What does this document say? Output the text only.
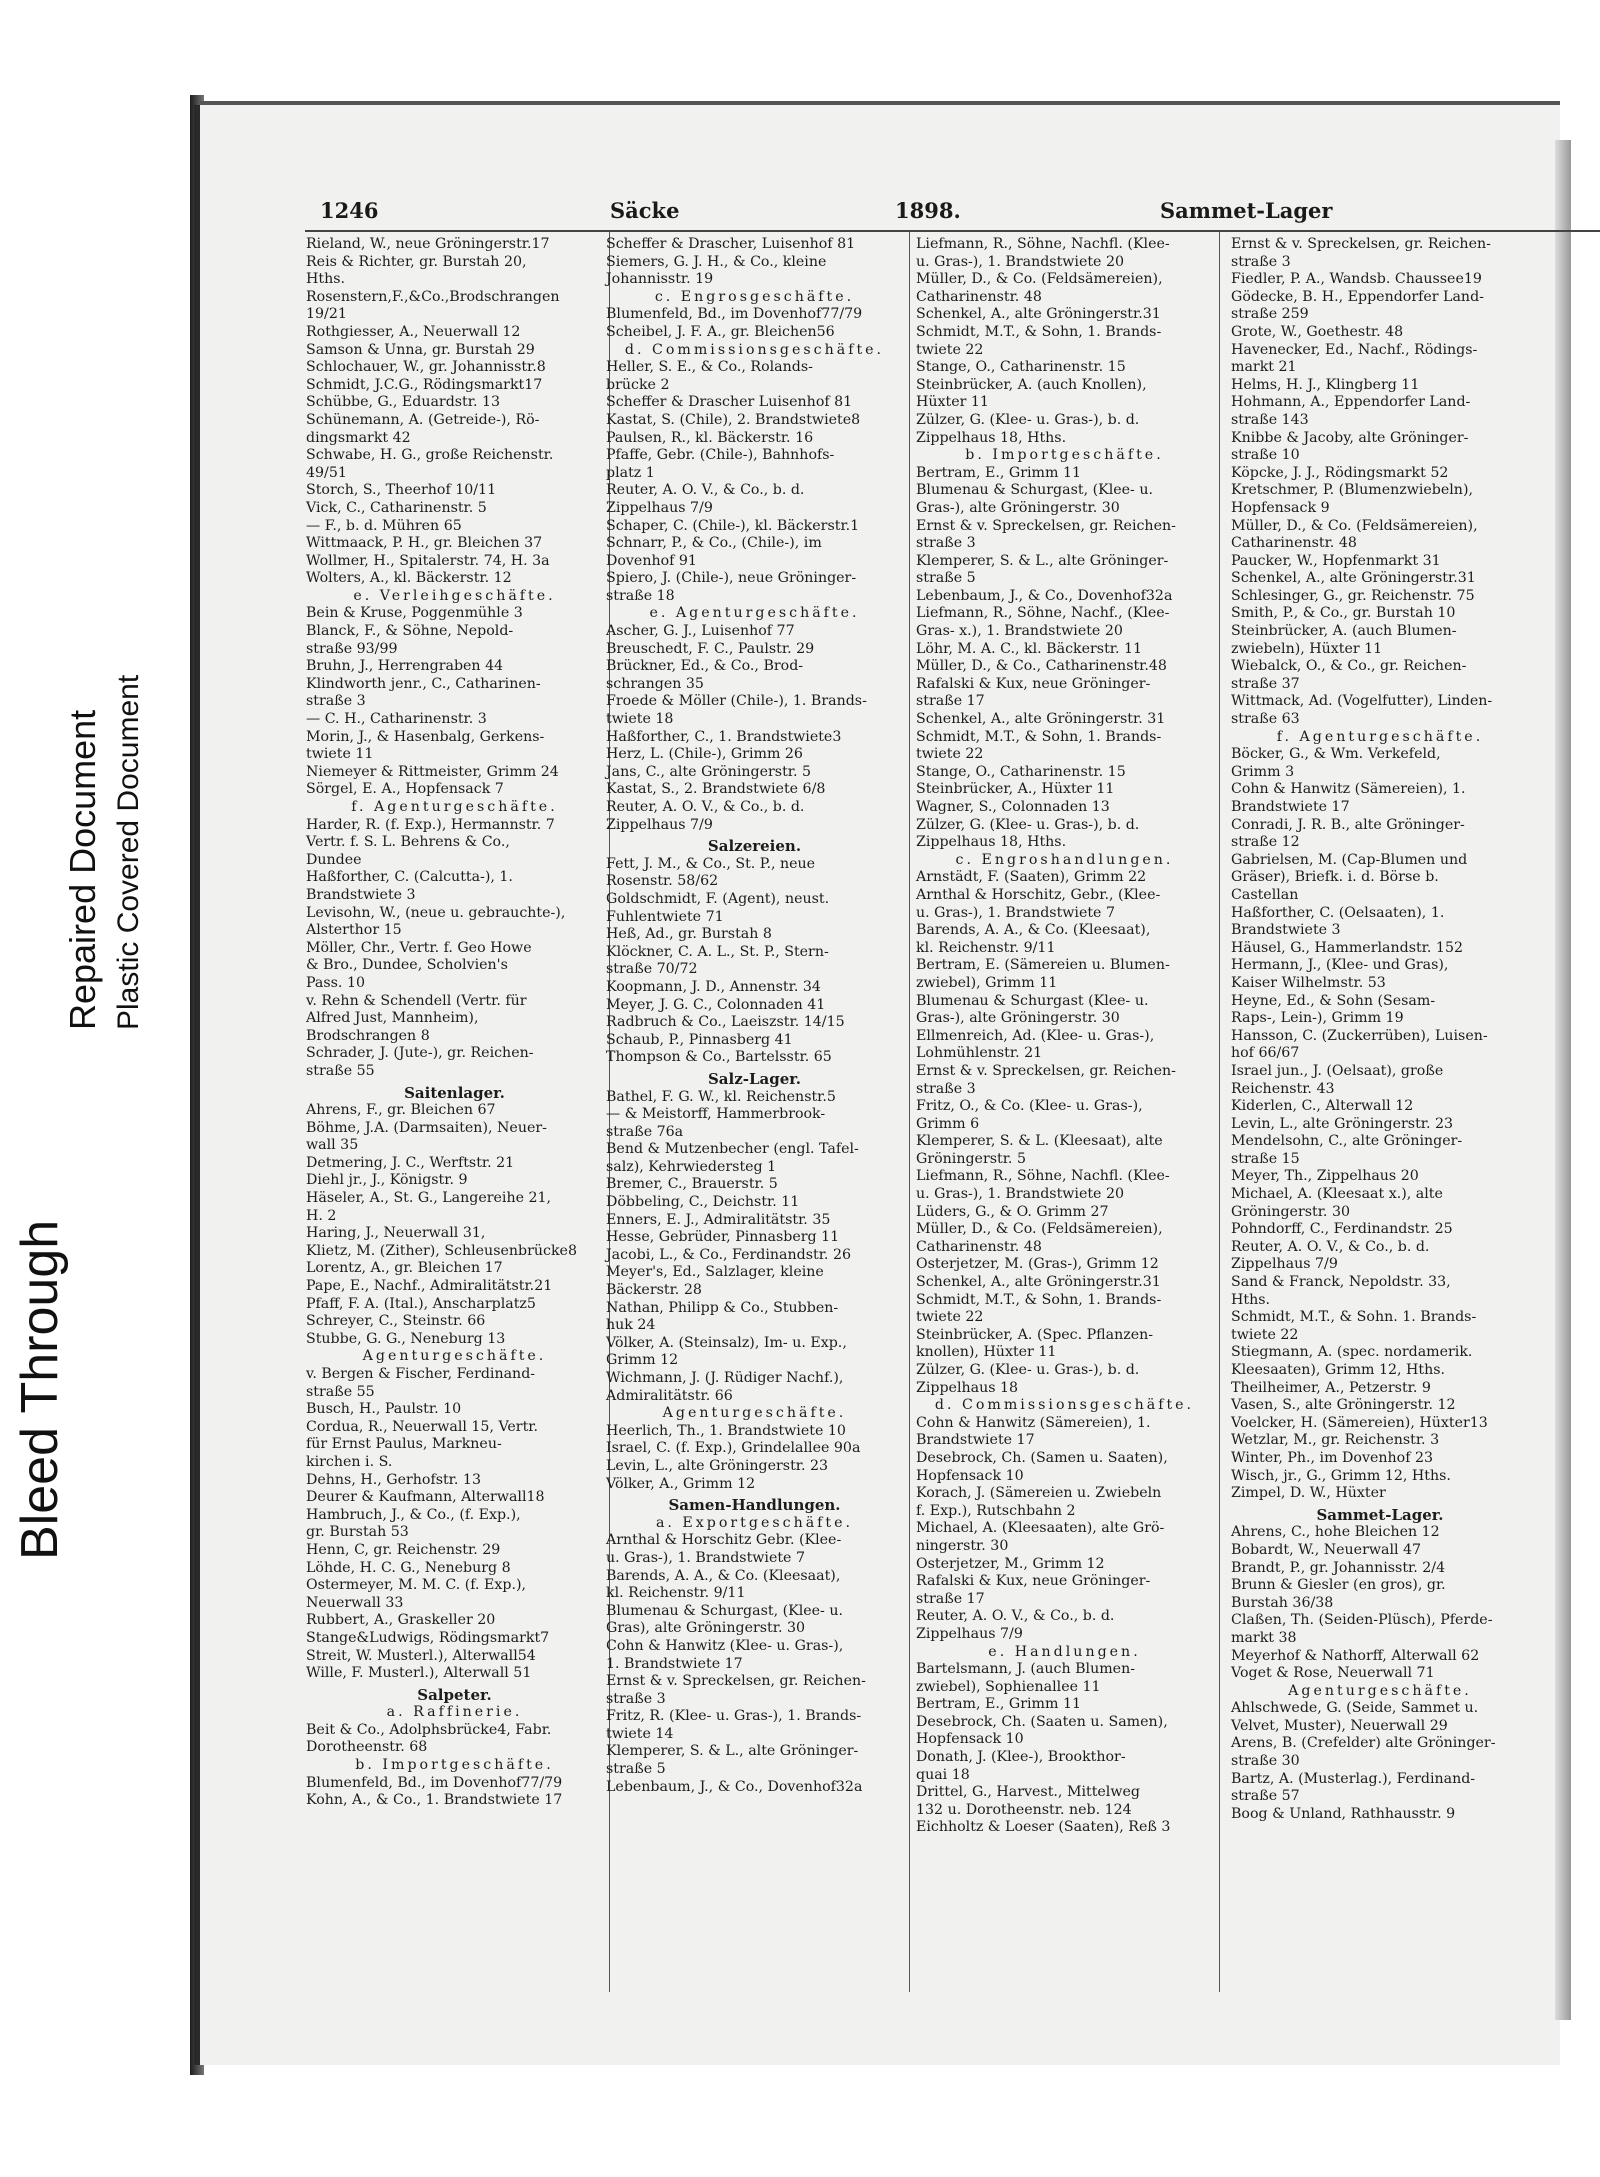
Bleed Through
Repaired Document Plastic Covered Document
1246	Säcke	1898.	Sammet-Lager

Rieland, W., neue Gröningerstr.17

Reis & Richter, gr. Burstah 20,

Hths.

Rosenstern,F.,&Co.,Brodschrangen

19/21

Rothgiesser, A., Neuerwall 12

Samson & Unna, gr. Burstah 29

Schlochauer, W., gr. Johannisstr.8

Schmidt, J.C.G., Rödingsmarkt17

Schübbe, G., Eduardstr. 13

Schünemann, A. (Getreide-), Rö-

dingsmarkt 42

Schwabe, H. G., große Reichenstr.

49/51

Storch, S., Theerhof 10/11

Vick, C., Catharinenstr. 5

— F., b. d. Mühren 65

Wittmaack, P. H., gr. Bleichen 37

Wollmer, H., Spitalerstr. 74, H. 3a

Wolters, A., kl. Bäckerstr. 12

e. Verleihgeschäfte.

Bein & Kruse, Poggenmühle 3

Blanck, F., & Söhne, Nepold-

straße 93/99

Bruhn, J., Herrengraben 44

Klindworth jenr., C., Catharinen-

straße 3

— C. H., Catharinenstr. 3

Morin, J., & Hasenbalg, Gerkens-

twiete 11

Niemeyer & Rittmeister, Grimm 24

Sörgel, E. A., Hopfensack 7

f. Agenturgeschäfte.

Harder, R. (f. Exp.), Hermannstr. 7

Vertr. f. S. L. Behrens & Co.,

Dundee

Haßforther, C. (Calcutta-), 1.

Brandstwiete 3

Levisohn, W., (neue u. gebrauchte-),

Alsterthor 15

Möller, Chr., Vertr. f. Geo Howe

& Bro., Dundee, Scholvien's

Pass. 10

v. Rehn & Schendell (Vertr. für

Alfred Just, Mannheim),

Brodschrangen 8

Schrader, J. (Jute-), gr. Reichen-

straße 55

Saitenlager.

Ahrens, F., gr. Bleichen 67

Böhme, J.A. (Darmsaiten), Neuer-

wall 35

Detmering, J. C., Werftstr. 21

Diehl jr., J., Königstr. 9

Häseler, A., St. G., Langereihe 21,

H. 2

Haring, J., Neuerwall 31,

Klietz, M. (Zither), Schleusenbrücke8

Lorentz, A., gr. Bleichen 17

Pape, E., Nachf., Admiralitätstr.21

Pfaff, F. A. (Ital.), Anscharplatz5

Schreyer, C., Steinstr. 66

Stubbe, G. G., Neneburg 13

Agenturgeschäfte.

v. Bergen & Fischer, Ferdinand-

straße 55

Busch, H., Paulstr. 10

Cordua, R., Neuerwall 15, Vertr.

für Ernst Paulus, Markneu-

kirchen i. S.

Dehns, H., Gerhofstr. 13

Deurer & Kaufmann, Alterwall18

Hambruch, J., & Co., (f. Exp.),

gr. Burstah 53

Henn, C, gr. Reichenstr. 29

Löhde, H. C. G., Neneburg 8

Ostermeyer, M. M. C. (f. Exp.),

Neuerwall 33

Rubbert, A., Graskeller 20

Stange&Ludwigs, Rödingsmarkt7

Streit, W. Musterl.), Alterwall54

Wille, F. Musterl.), Alterwall 51

Salpeter.

a. Raffinerie.

Beit & Co., Adolphsbrücke4, Fabr.

Dorotheenstr. 68

b. Importgeschäfte.

Blumenfeld, Bd., im Dovenhof77/79

Kohn, A., & Co., 1. Brandstwiete 17

Scheffer & Drascher, Luisenhof 81

Siemers, G. J. H., & Co., kleine

Johannisstr. 19

c. Engrosgeschäfte.

Blumenfeld, Bd., im Dovenhof77/79

Scheibel, J. F. A., gr. Bleichen56

d. Commissionsgeschäfte.

Heller, S. E., & Co., Rolands-

brücke 2

Scheffer & Drascher Luisenhof 81

Kastat, S. (Chile), 2. Brandstwiete8

Paulsen, R., kl. Bäckerstr. 16

Pfaffe, Gebr. (Chile-), Bahnhofs-

platz 1

Reuter, A. O. V., & Co., b. d.

Zippelhaus 7/9

Schaper, C. (Chile-), kl. Bäckerstr.1

Schnarr, P., & Co., (Chile-), im

Dovenhof 91

Spiero, J. (Chile-), neue Gröninger-

straße 18

e. Agenturgeschäfte.

Ascher, G. J., Luisenhof 77

Breuschedt, F. C., Paulstr. 29

Brückner, Ed., & Co., Brod-

schrangen 35

Froede & Möller (Chile-), 1. Brands-

twiete 18

Haßforther, C., 1. Brandstwiete3

Herz, L. (Chile-), Grimm 26

Jans, C., alte Gröningerstr. 5

Kastat, S., 2. Brandstwiete 6/8

Reuter, A. O. V., & Co., b. d.

Zippelhaus 7/9

Salzereien.

Fett, J. M., & Co., St. P., neue

Rosenstr. 58/62

Goldschmidt, F. (Agent), neust.

Fuhlentwiete 71

Heß, Ad., gr. Burstah 8

Klöckner, C. A. L., St. P., Stern-

straße 70/72

Koopmann, J. D., Annenstr. 34

Meyer, J. G. C., Colonnaden 41

Radbruch & Co., Laeiszstr. 14/15

Schaub, P., Pinnasberg 41

Thompson & Co., Bartelsstr. 65

Salz-Lager.

Bathel, F. G. W., kl. Reichenstr.5

— & Meistorff, Hammerbrook-

straße 76a

Bend & Mutzenbecher (engl. Tafel-

salz), Kehrwiedersteg 1

Bremer, C., Brauerstr. 5

Döbbeling, C., Deichstr. 11

Enners, E. J., Admiralitätstr. 35

Hesse, Gebrüder, Pinnasberg 11

Jacobi, L., & Co., Ferdinandstr. 26

Meyer's, Ed., Salzlager, kleine

Bäckerstr. 28

Nathan, Philipp & Co., Stubben-

huk 24

Völker, A. (Steinsalz), Im- u. Exp.,

Grimm 12

Wichmann, J. (J. Rüdiger Nachf.),

Admiralitätstr. 66

Agenturgeschäfte.

Heerlich, Th., 1. Brandstwiete 10

Israel, C. (f. Exp.), Grindelallee 90a

Levin, L., alte Gröningerstr. 23

Völker, A., Grimm 12

Samen-Handlungen.

a. Exportgeschäfte.

Arnthal & Horschitz Gebr. (Klee-

u. Gras-), 1. Brandstwiete 7

Barends, A. A., & Co. (Kleesaat),

kl. Reichenstr. 9/11

Blumenau & Schurgast, (Klee- u.

Gras), alte Gröningerstr. 30

Cohn & Hanwitz (Klee- u. Gras-),

1. Brandstwiete 17

Ernst & v. Spreckelsen, gr. Reichen-

straße 3

Fritz, R. (Klee- u. Gras-), 1. Brands-

twiete 14

Klemperer, S. & L., alte Gröninger-

straße 5

Lebenbaum, J., & Co., Dovenhof32a

Liefmann, R., Söhne, Nachfl. (Klee-

u. Gras-), 1. Brandstwiete 20

Müller, D., & Co. (Feldsämereien),

Catharinenstr. 48

Schenkel, A., alte Gröningerstr.31

Schmidt, M.T., & Sohn, 1. Brands-

twiete 22

Stange, O., Catharinenstr. 15

Steinbrücker, A. (auch Knollen),

Hüxter 11

Zülzer, G. (Klee- u. Gras-), b. d.

Zippelhaus 18, Hths.

b. Importgeschäfte.

Bertram, E., Grimm 11

Blumenau & Schurgast, (Klee- u.

Gras-), alte Gröningerstr. 30

Ernst & v. Spreckelsen, gr. Reichen-

straße 3

Klemperer, S. & L., alte Gröninger-

straße 5

Lebenbaum, J., & Co., Dovenhof32a

Liefmann, R., Söhne, Nachf., (Klee-

Gras- x.), 1. Brandstwiete 20

Löhr, M. A. C., kl. Bäckerstr. 11

Müller, D., & Co., Catharinenstr.48

Rafalski & Kux, neue Gröninger-

straße 17

Schenkel, A., alte Gröningerstr. 31

Schmidt, M.T., & Sohn, 1. Brands-

twiete 22

Stange, O., Catharinenstr. 15

Steinbrücker, A., Hüxter 11

Wagner, S., Colonnaden 13

Zülzer, G. (Klee- u. Gras-), b. d.

Zippelhaus 18, Hths.

c. Engroshandlungen.

Arnstädt, F. (Saaten), Grimm 22

Arnthal & Horschitz, Gebr., (Klee-

u. Gras-), 1. Brandstwiete 7

Barends, A. A., & Co. (Kleesaat),

kl. Reichenstr. 9/11

Bertram, E. (Sämereien u. Blumen-

zwiebel), Grimm 11

Blumenau & Schurgast (Klee- u.

Gras-), alte Gröningerstr. 30

Ellmenreich, Ad. (Klee- u. Gras-),

Lohmühlenstr. 21

Ernst & v. Spreckelsen, gr. Reichen-

straße 3

Fritz, O., & Co. (Klee- u. Gras-),

Grimm 6

Klemperer, S. & L. (Kleesaat), alte

Gröningerstr. 5

Liefmann, R., Söhne, Nachfl. (Klee-

u. Gras-), 1. Brandstwiete 20

Lüders, G., & O. Grimm 27

Müller, D., & Co. (Feldsämereien),

Catharinenstr. 48

Osterjetzer, M. (Gras-), Grimm 12

Schenkel, A., alte Gröningerstr.31

Schmidt, M.T., & Sohn, 1. Brands-

twiete 22

Steinbrücker, A. (Spec. Pflanzen-

knollen), Hüxter 11

Zülzer, G. (Klee- u. Gras-), b. d.

Zippelhaus 18

d. Commissionsgeschäfte.

Cohn & Hanwitz (Sämereien), 1.

Brandstwiete 17

Desebrock, Ch. (Samen u. Saaten),

Hopfensack 10

Korach, J. (Sämereien u. Zwiebeln

f. Exp.), Rutschbahn 2

Michael, A. (Kleesaaten), alte Grö-

ningerstr. 30

Osterjetzer, M., Grimm 12

Rafalski & Kux, neue Gröninger-

straße 17

Reuter, A. O. V., & Co., b. d.

Zippelhaus 7/9

e. Handlungen.

Bartelsmann, J. (auch Blumen-

zwiebel), Sophienallee 11

Bertram, E., Grimm 11

Desebrock, Ch. (Saaten u. Samen),

Hopfensack 10

Donath, J. (Klee-), Brookthor-

quai 18

Drittel, G., Harvest., Mittelweg

132 u. Dorotheenstr. neb. 124

Eichholtz & Loeser (Saaten), Reß 3

Ernst & v. Spreckelsen, gr. Reichen-

straße 3

Fiedler, P. A., Wandsb. Chaussee19

Gödecke, B. H., Eppendorfer Land-

straße 259

Grote, W., Goethestr. 48

Havenecker, Ed., Nachf., Rödings-

markt 21

Helms, H. J., Klingberg 11

Hohmann, A., Eppendorfer Land-

straße 143

Knibbe & Jacoby, alte Gröninger-

straße 10

Köpcke, J. J., Rödingsmarkt 52

Kretschmer, P. (Blumenzwiebeln),

Hopfensack 9

Müller, D., & Co. (Feldsämereien),

Catharinenstr. 48

Paucker, W., Hopfenmarkt 31

Schenkel, A., alte Gröningerstr.31

Schlesinger, G., gr. Reichenstr. 75

Smith, P., & Co., gr. Burstah 10

Steinbrücker, A. (auch Blumen-

zwiebeln), Hüxter 11

Wiebalck, O., & Co., gr. Reichen-

straße 37

Wittmack, Ad. (Vogelfutter), Linden-

straße 63

f. Agenturgeschäfte.

Böcker, G., & Wm. Verkefeld,

Grimm 3

Cohn & Hanwitz (Sämereien), 1.

Brandstwiete 17

Conradi, J. R. B., alte Gröninger-

straße 12

Gabrielsen, M. (Cap-Blumen und

Gräser), Briefk. i. d. Börse b.

Castellan

Haßforther, C. (Oelsaaten), 1.

Brandstwiete 3

Häusel, G., Hammerlandstr. 152

Hermann, J., (Klee- und Gras),

Kaiser Wilhelmstr. 53

Heyne, Ed., & Sohn (Sesam-

Raps-, Lein-), Grimm 19

Hansson, C. (Zuckerrüben), Luisen-

hof 66/67

Israel jun., J. (Oelsaat), große

Reichenstr. 43

Kiderlen, C., Alterwall 12

Levin, L., alte Gröningerstr. 23

Mendelsohn, C., alte Gröninger-

straße 15

Meyer, Th., Zippelhaus 20

Michael, A. (Kleesaat x.), alte

Gröningerstr. 30

Pohndorff, C., Ferdinandstr. 25

Reuter, A. O. V., & Co., b. d.

Zippelhaus 7/9

Sand & Franck, Nepoldstr. 33,

Hths.

Schmidt, M.T., & Sohn. 1. Brands-

twiete 22

Stiegmann, A. (spec. nordamerik.

Kleesaaten), Grimm 12, Hths.

Theilheimer, A., Petzerstr. 9

Vasen, S., alte Gröningerstr. 12

Voelcker, H. (Sämereien), Hüxter13

Wetzlar, M., gr. Reichenstr. 3

Winter, Ph., im Dovenhof 23

Wisch, jr., G., Grimm 12, Hths.

Zimpel, D. W., Hüxter

Sammet-Lager.

Ahrens, C., hohe Bleichen 12

Bobardt, W., Neuerwall 47

Brandt, P., gr. Johannisstr. 2/4

Brunn & Giesler (en gros), gr.

Burstah 36/38

Claßen, Th. (Seiden-Plüsch), Pferde-

markt 38

Meyerhof & Nathorff, Alterwall 62

Voget & Rose, Neuerwall 71

Agenturgeschäfte.

Ahlschwede, G. (Seide, Sammet u.

Velvet, Muster), Neuerwall 29

Arens, B. (Crefelder) alte Gröninger-

straße 30

Bartz, A. (Musterlag.), Ferdinand-

straße 57

Boog & Unland, Rathhausstr. 9
